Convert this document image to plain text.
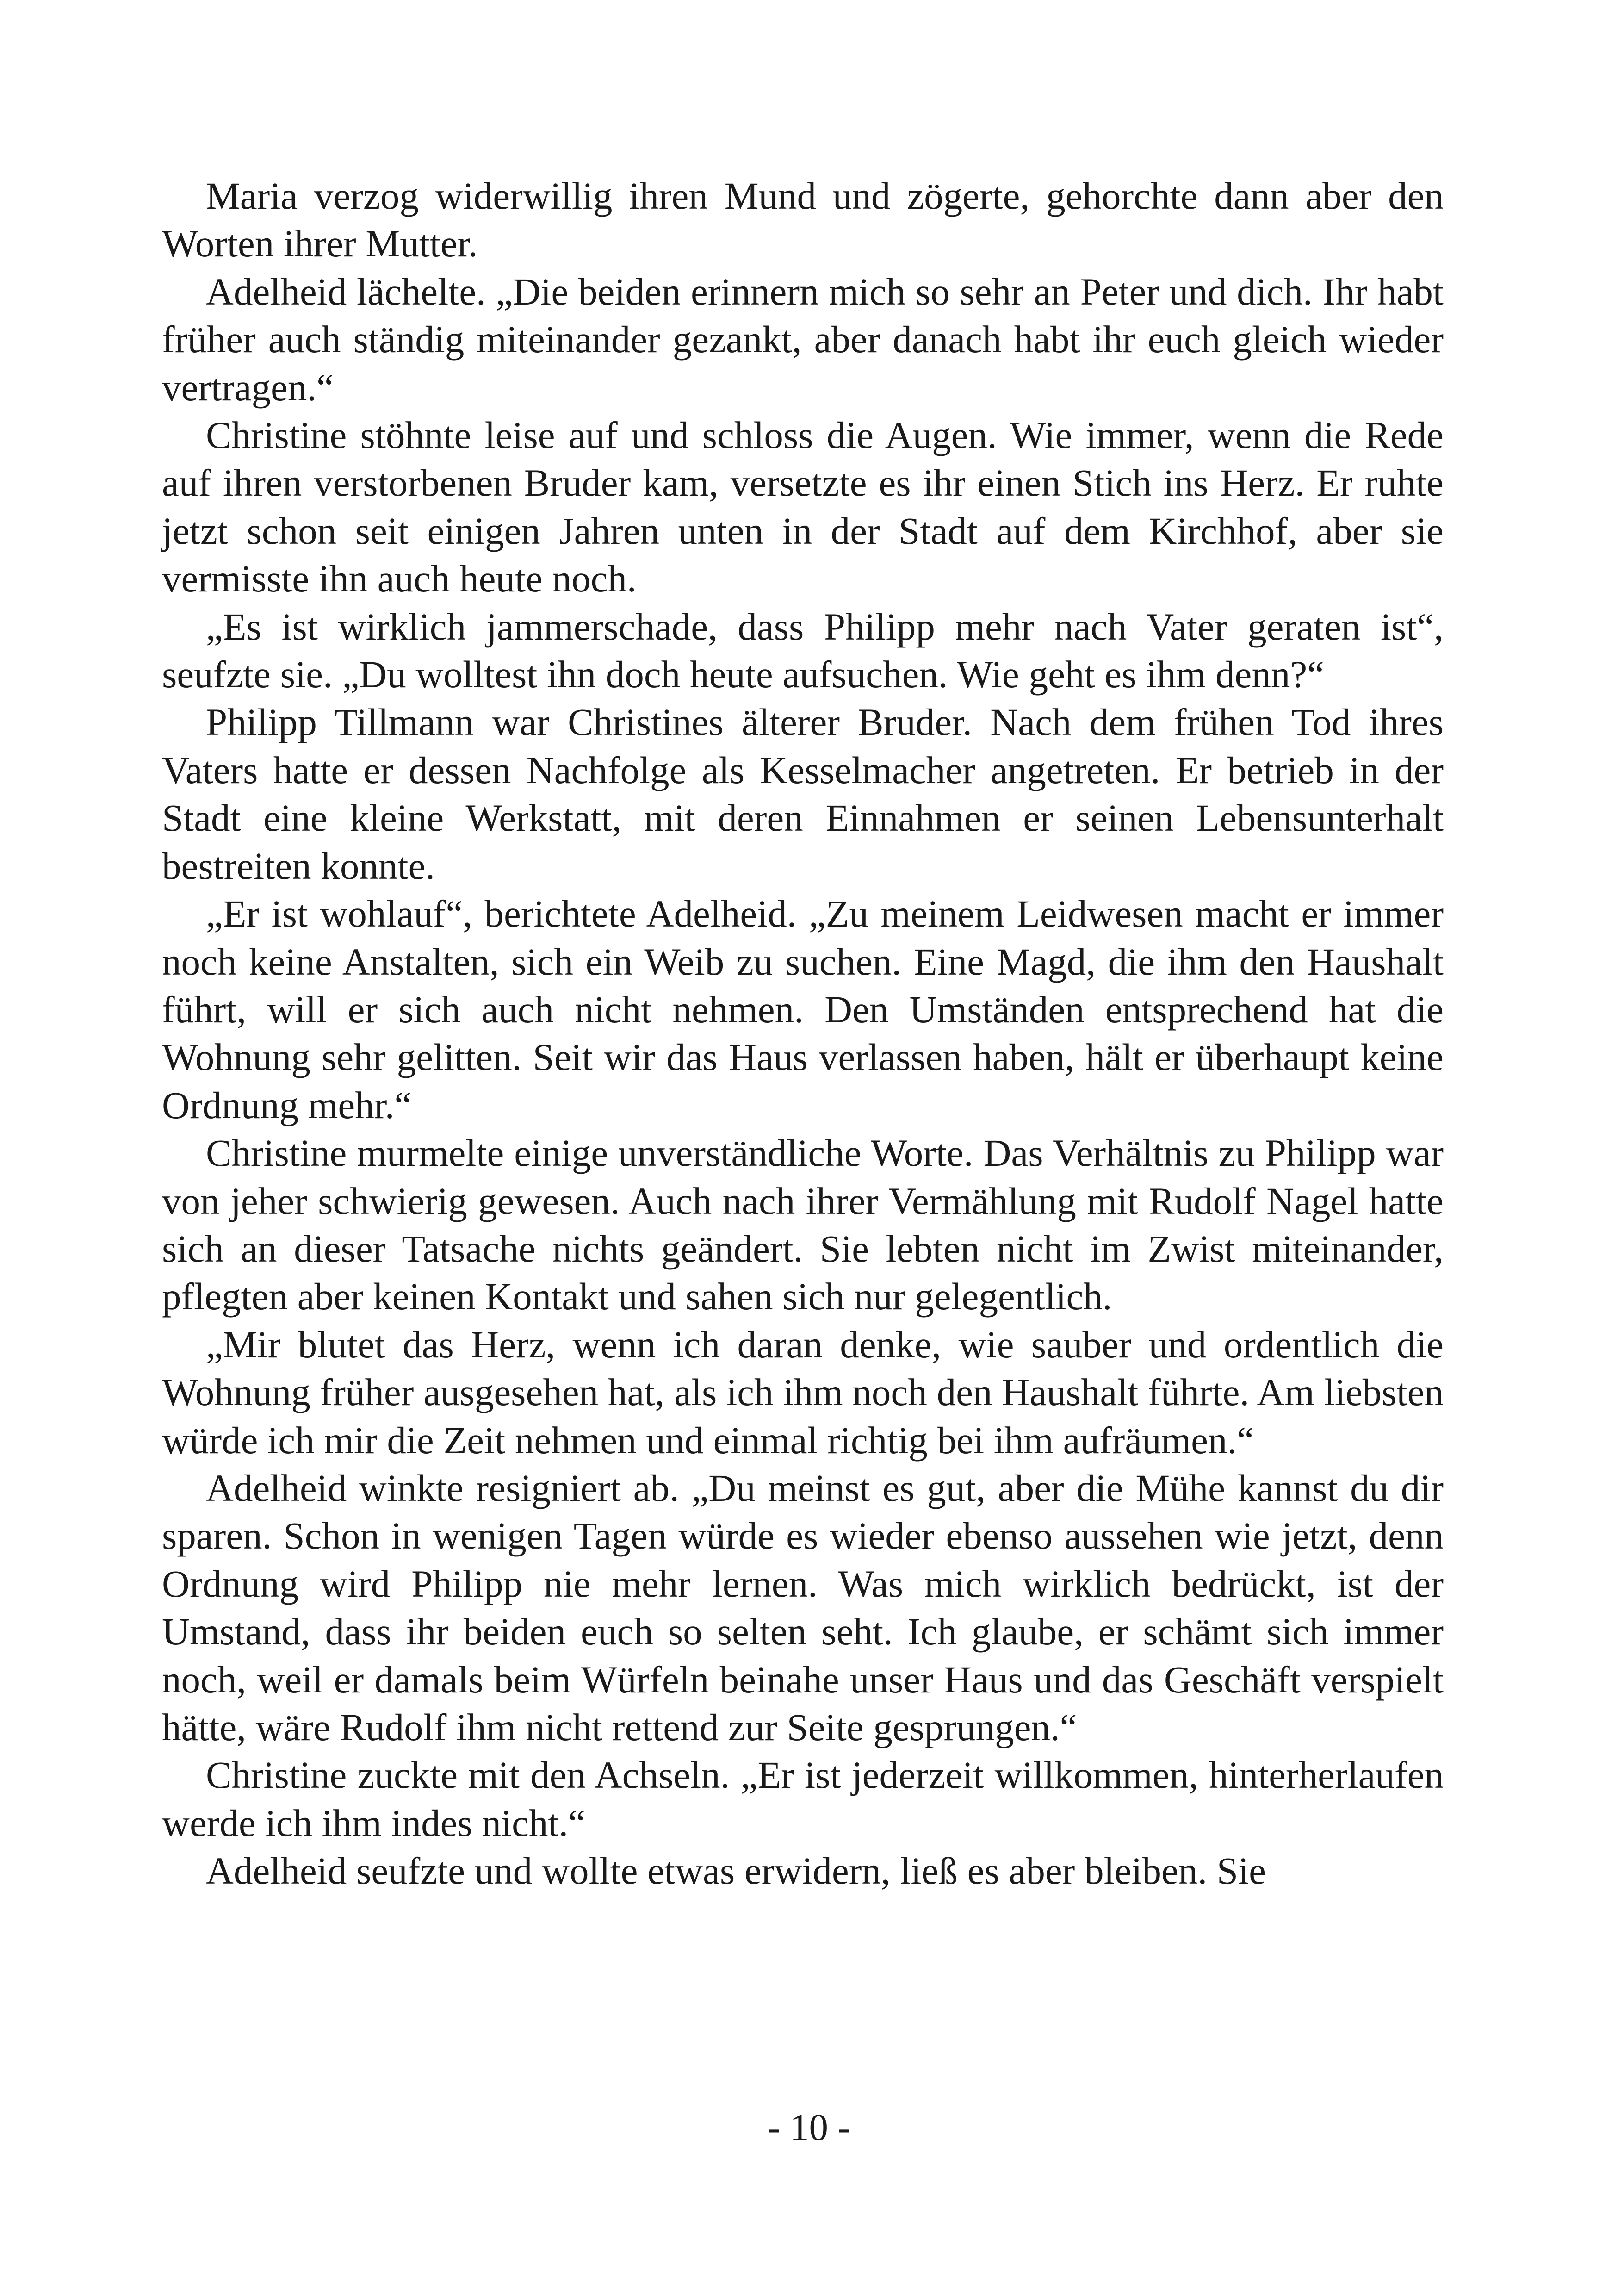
Maria verzog widerwillig ihren Mund und zögerte, gehorchte dann aber den Worten ihrer Mutter.

Adelheid lächelte. „Die beiden erinnern mich so sehr an Peter und dich. Ihr habt früher auch ständig miteinander gezankt, aber danach habt ihr euch gleich wieder vertragen.“

Christine stöhnte leise auf und schloss die Augen. Wie immer, wenn die Rede auf ihren verstorbenen Bruder kam, versetzte es ihr einen Stich ins Herz. Er ruhte jetzt schon seit einigen Jahren unten in der Stadt auf dem Kirchhof, aber sie vermisste ihn auch heute noch.

„Es ist wirklich jammerschade, dass Philipp mehr nach Vater geraten ist“, seufzte sie. „Du wolltest ihn doch heute aufsuchen. Wie geht es ihm denn?“

Philipp Tillmann war Christines älterer Bruder. Nach dem frühen Tod ihres Vaters hatte er dessen Nachfolge als Kesselmacher angetreten. Er betrieb in der Stadt eine kleine Werkstatt, mit deren Einnahmen er seinen Lebensunterhalt bestreiten konnte.

„Er ist wohlauf“, berichtete Adelheid. „Zu meinem Leidwesen macht er immer noch keine Anstalten, sich ein Weib zu suchen. Eine Magd, die ihm den Haushalt führt, will er sich auch nicht nehmen. Den Umständen entsprechend hat die Wohnung sehr gelitten. Seit wir das Haus verlassen haben, hält er überhaupt keine Ordnung mehr.“

Christine murmelte einige unverständliche Worte. Das Verhältnis zu Philipp war von jeher schwierig gewesen. Auch nach ihrer Vermählung mit Rudolf Nagel hatte sich an dieser Tatsache nichts geändert. Sie lebten nicht im Zwist miteinander, pflegten aber keinen Kontakt und sahen sich nur gelegentlich.

„Mir blutet das Herz, wenn ich daran denke, wie sauber und ordentlich die Wohnung früher ausgesehen hat, als ich ihm noch den Haushalt führte. Am liebsten würde ich mir die Zeit nehmen und einmal richtig bei ihm aufräumen.“

Adelheid winkte resigniert ab. „Du meinst es gut, aber die Mühe kannst du dir sparen. Schon in wenigen Tagen würde es wieder ebenso aussehen wie jetzt, denn Ordnung wird Philipp nie mehr lernen. Was mich wirklich bedrückt, ist der Umstand, dass ihr beiden euch so selten seht. Ich glaube, er schämt sich immer noch, weil er damals beim Würfeln beinahe unser Haus und das Geschäft verspielt hätte, wäre Rudolf ihm nicht rettend zur Seite gesprungen.“

Christine zuckte mit den Achseln. „Er ist jederzeit willkommen, hinterherlaufen werde ich ihm indes nicht.“

Adelheid seufzte und wollte etwas erwidern, ließ es aber bleiben. Sie

- 10 -
